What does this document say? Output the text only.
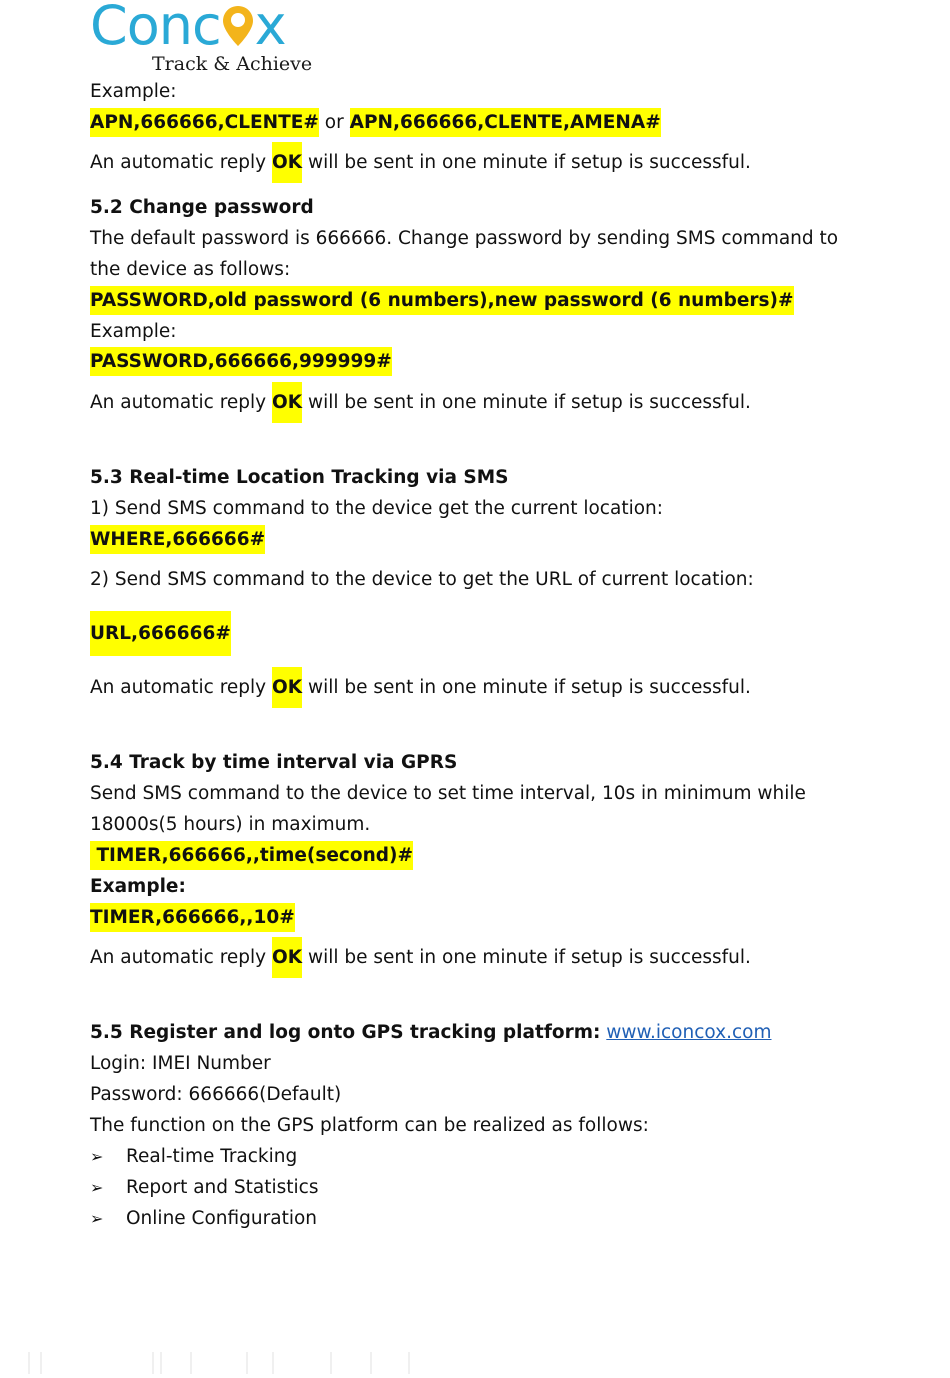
Conc x
Track & Achieve
Example:
APN,666666,CLENTE# or APN,666666,CLENTE,AMENA#
An automatic reply OK will be sent in one minute if setup is successful.
5.2 Change password
The default password is 666666. Change password by sending SMS command to
the device as follows:
PASSWORD,old password (6 numbers),new password (6 numbers)#
Example:
PASSWORD,666666,999999#
An automatic reply OK will be sent in one minute if setup is successful.
5.3 Real-time Location Tracking via SMS
1) Send SMS command to the device get the current location:
WHERE,666666#
2) Send SMS command to the device to get the URL of current location:
URL,666666#
An automatic reply OK will be sent in one minute if setup is successful.
5.4 Track by time interval via GPRS
Send SMS command to the device to set time interval, 10s in minimum while
18000s(5 hours) in maximum.
TIMER,666666,,time(second)#
Example:
TIMER,666666,,10#
An automatic reply OK will be sent in one minute if setup is successful.
5.5 Register and log onto GPS tracking platform: www.iconcox.com
Login: IMEI Number
Password: 666666(Default)
The function on the GPS platform can be realized as follows:
➢ Real-time Tracking
➢ Report and Statistics
➢ Online Configuration
